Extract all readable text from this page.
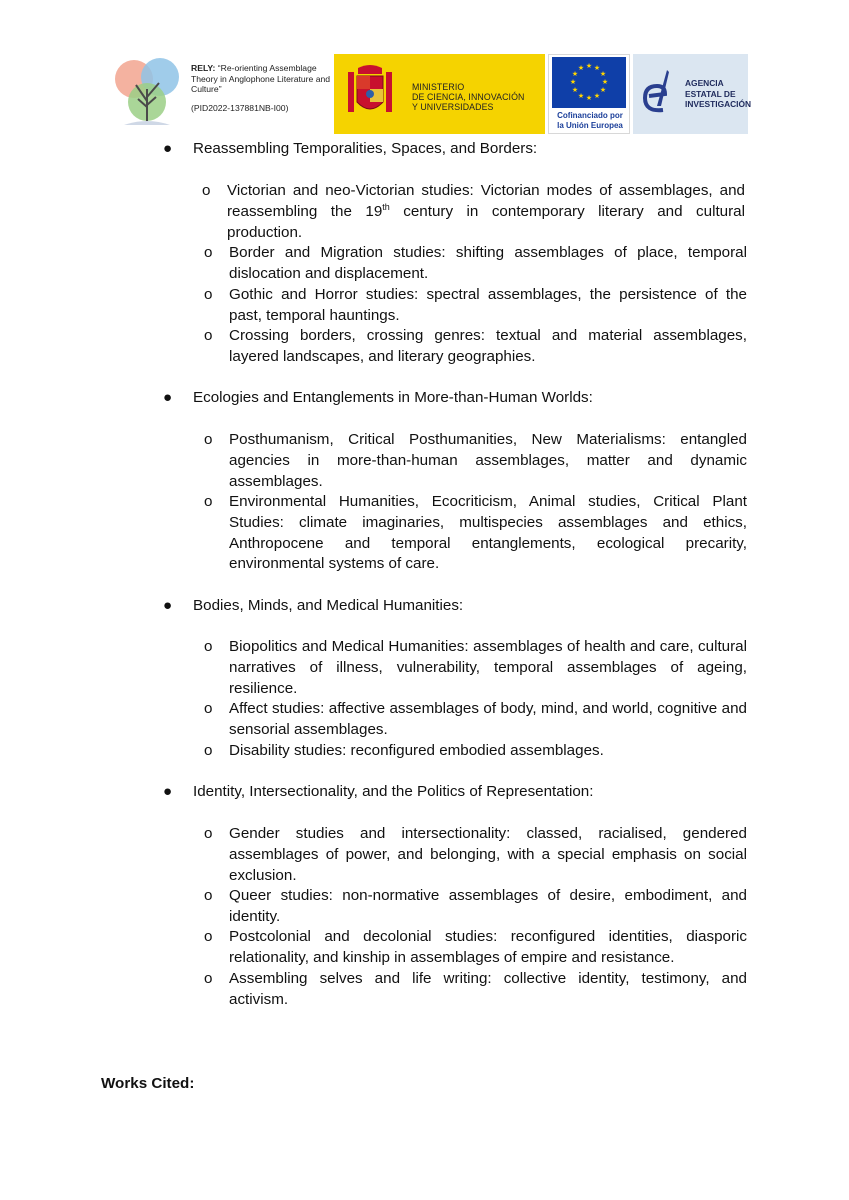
RELY: “Re-orienting Assemblage Theory in Anglophone Literature and Culture”
(PID2022-137881NB-I00)
MINISTERIO
DE CIENCIA, INNOVACIÓN
Y UNIVERSIDADES
★ ★
★
★
★
★
★
★
★
★
★
★
Cofinanciado por
la Unión Europea
AGENCIA
ESTATAL DE
INVESTIGACIÓN
● Reassembling Temporalities, Spaces, and Borders:
o Victorian and neo-Victorian studies: Victorian modes of assemblages, and reassembling the 19th century in contemporary literary and cultural production.
o Border and Migration studies: shifting assemblages of place, temporal dislocation and displacement.
o Gothic and Horror studies: spectral assemblages, the persistence of the past, temporal hauntings.
o Crossing borders, crossing genres: textual and material assemblages, layered landscapes, and literary geographies.
● Ecologies and Entanglements in More-than-Human Worlds:
o Posthumanism, Critical Posthumanities, New Materialisms: entangled agencies in more-than-human assemblages, matter and dynamic assemblages.
o Environmental Humanities, Ecocriticism, Animal studies, Critical Plant Studies: climate imaginaries, multispecies assemblages and ethics, Anthropocene and temporal entanglements, ecological precarity, environmental systems of care.
● Bodies, Minds, and Medical Humanities:
o Biopolitics and Medical Humanities: assemblages of health and care, cultural narratives of illness, vulnerability, temporal assemblages of ageing, resilience.
o Affect studies: affective assemblages of body, mind, and world, cognitive and sensorial assemblages.
o Disability studies: reconfigured embodied assemblages.
● Identity, Intersectionality, and the Politics of Representation:
o Gender studies and intersectionality: classed, racialised, gendered assemblages of power, and belonging, with a special emphasis on social exclusion.
o Queer studies: non-normative assemblages of desire, embodiment, and identity.
o Postcolonial and decolonial studies: reconfigured identities, diasporic relationality, and kinship in assemblages of empire and resistance.
o Assembling selves and life writing: collective identity, testimony, and activism.
Works Cited:
